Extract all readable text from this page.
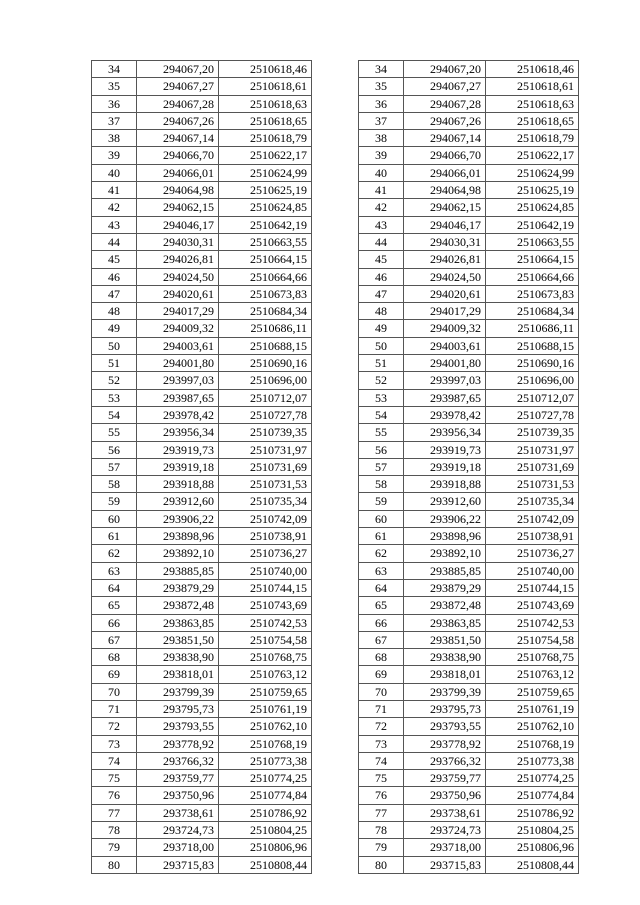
34	294067,20	2510618,46
35	294067,27	2510618,61
36	294067,28	2510618,63
37	294067,26	2510618,65
38	294067,14	2510618,79
39	294066,70	2510622,17
40	294066,01	2510624,99
41	294064,98	2510625,19
42	294062,15	2510624,85
43	294046,17	2510642,19
44	294030,31	2510663,55
45	294026,81	2510664,15
46	294024,50	2510664,66
47	294020,61	2510673,83
48	294017,29	2510684,34
49	294009,32	2510686,11
50	294003,61	2510688,15
51	294001,80	2510690,16
52	293997,03	2510696,00
53	293987,65	2510712,07
54	293978,42	2510727,78
55	293956,34	2510739,35
56	293919,73	2510731,97
57	293919,18	2510731,69
58	293918,88	2510731,53
59	293912,60	2510735,34
60	293906,22	2510742,09
61	293898,96	2510738,91
62	293892,10	2510736,27
63	293885,85	2510740,00
64	293879,29	2510744,15
65	293872,48	2510743,69
66	293863,85	2510742,53
67	293851,50	2510754,58
68	293838,90	2510768,75
69	293818,01	2510763,12
70	293799,39	2510759,65
71	293795,73	2510761,19
72	293793,55	2510762,10
73	293778,92	2510768,19
74	293766,32	2510773,38
75	293759,77	2510774,25
76	293750,96	2510774,84
77	293738,61	2510786,92
78	293724,73	2510804,25
79	293718,00	2510806,96
80	293715,83	2510808,44
34	294067,20	2510618,46
35	294067,27	2510618,61
36	294067,28	2510618,63
37	294067,26	2510618,65
38	294067,14	2510618,79
39	294066,70	2510622,17
40	294066,01	2510624,99
41	294064,98	2510625,19
42	294062,15	2510624,85
43	294046,17	2510642,19
44	294030,31	2510663,55
45	294026,81	2510664,15
46	294024,50	2510664,66
47	294020,61	2510673,83
48	294017,29	2510684,34
49	294009,32	2510686,11
50	294003,61	2510688,15
51	294001,80	2510690,16
52	293997,03	2510696,00
53	293987,65	2510712,07
54	293978,42	2510727,78
55	293956,34	2510739,35
56	293919,73	2510731,97
57	293919,18	2510731,69
58	293918,88	2510731,53
59	293912,60	2510735,34
60	293906,22	2510742,09
61	293898,96	2510738,91
62	293892,10	2510736,27
63	293885,85	2510740,00
64	293879,29	2510744,15
65	293872,48	2510743,69
66	293863,85	2510742,53
67	293851,50	2510754,58
68	293838,90	2510768,75
69	293818,01	2510763,12
70	293799,39	2510759,65
71	293795,73	2510761,19
72	293793,55	2510762,10
73	293778,92	2510768,19
74	293766,32	2510773,38
75	293759,77	2510774,25
76	293750,96	2510774,84
77	293738,61	2510786,92
78	293724,73	2510804,25
79	293718,00	2510806,96
80	293715,83	2510808,44
